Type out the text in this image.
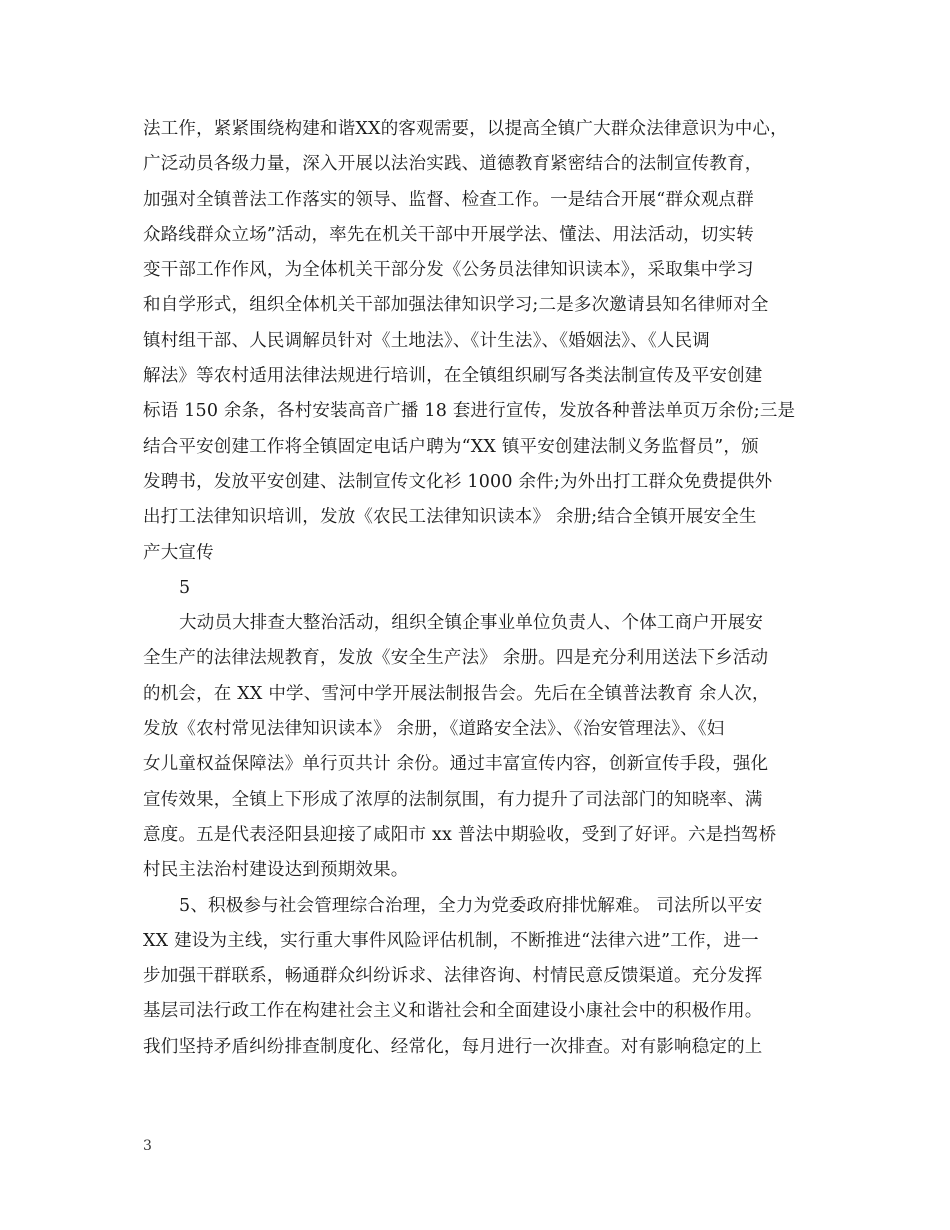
法工作，紧紧围绕构建和谐XX的客观需要，以提高全镇广大群众法律意识为中心，
广泛动员各级力量，深入开展以法治实践、道德教育紧密结合的法制宣传教育，
加强对全镇普法工作落实的领导、监督、检查工作。一是结合开展“群众观点群
众路线群众立场”活动，率先在机关干部中开展学法、懂法、用法活动，切实转
变干部工作作风，为全体机关干部分发《公务员法律知识读本》，采取集中学习
和自学形式，组织全体机关干部加强法律知识学习;二是多次邀请县知名律师对全
镇村组干部、人民调解员针对《土地法》、《计生法》、《婚姻法》、《人民调
解法》等农村适用法律法规进行培训，在全镇组织刷写各类法制宣传及平安创建
标语 150 余条，各村安装高音广播 18 套进行宣传，发放各种普法单页万余份;三是
结合平安创建工作将全镇固定电话户聘为“XX 镇平安创建法制义务监督员”，颁
发聘书，发放平安创建、法制宣传文化衫 1000 余件;为外出打工群众免费提供外
出打工法律知识培训，发放《农民工法律知识读本》 余册;结合全镇开展安全生
产大宣传

5

大动员大排查大整治活动，组织全镇企事业单位负责人、个体工商户开展安
全生产的法律法规教育，发放《安全生产法》 余册。四是充分利用送法下乡活动
的机会，在 XX 中学、雪河中学开展法制报告会。先后在全镇普法教育 余人次，
发放《农村常见法律知识读本》 余册，《道路安全法》、《治安管理法》、《妇
女儿童权益保障法》单行页共计 余份。通过丰富宣传内容，创新宣传手段，强化
宣传效果，全镇上下形成了浓厚的法制氛围，有力提升了司法部门的知晓率、满
意度。五是代表泾阳县迎接了咸阳市 xx 普法中期验收，受到了好评。六是挡驾桥
村民主法治村建设达到预期效果。

5、积极参与社会管理综合治理，全力为党委政府排忧解难。 司法所以平安
XX 建设为主线，实行重大事件风险评估机制，不断推进“法律六进”工作，进一
步加强干群联系，畅通群众纠纷诉求、法律咨询、村情民意反馈渠道。充分发挥
基层司法行政工作在构建社会主义和谐社会和全面建设小康社会中的积极作用。
我们坚持矛盾纠纷排查制度化、经常化，每月进行一次排查。对有影响稳定的上

3
